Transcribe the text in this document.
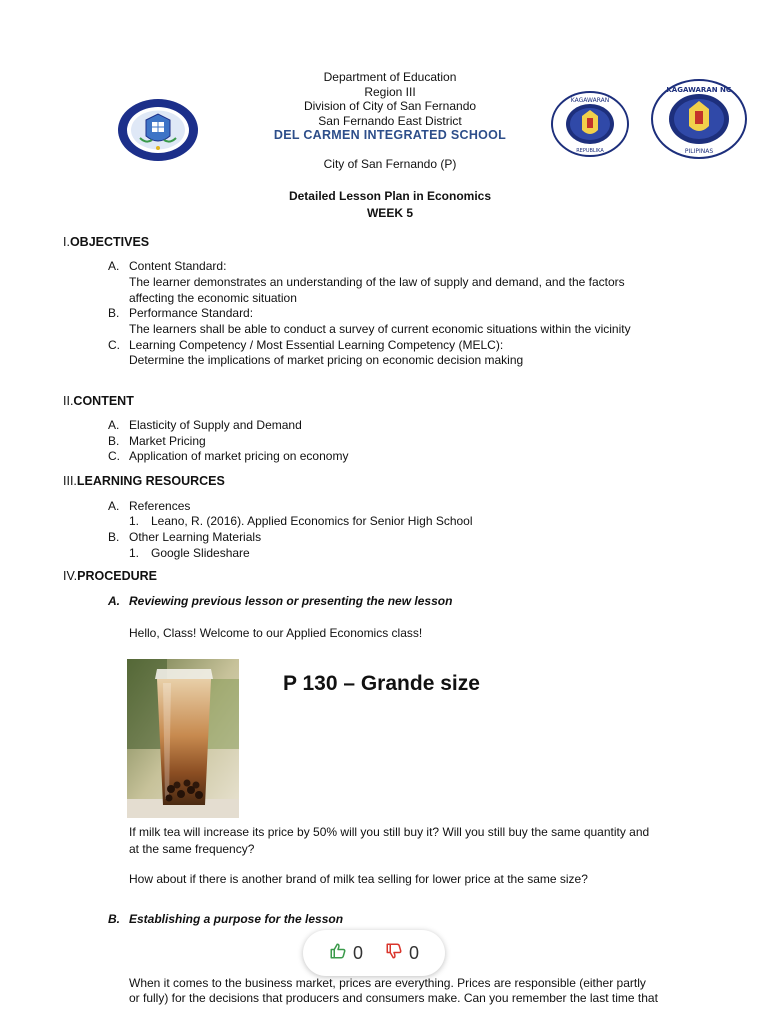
Department of Education
Region III
Division of City of San Fernando
San Fernando East District
DEL CARMEN INTEGRATED SCHOOL
City of San Fernando (P)
Detailed Lesson Plan in Economics
WEEK 5
KAGAWARAN
REPUBLIKA
KAGAWARAN NG
PILIPINAS
I.OBJECTIVES
A. Content Standard:
The learner demonstrates an understanding of the law of supply and demand, and the factors
affecting the economic situation
B. Performance Standard:
The learners shall be able to conduct a survey of current economic situations within the vicinity
C. Learning Competency / Most Essential Learning Competency (MELC):
Determine the implications of market pricing on economic decision making
II.CONTENT
A. Elasticity of Supply and Demand
B. Market Pricing
C. Application of market pricing on economy
III.LEARNING RESOURCES
A. References
1. Leano, R. (2016). Applied Economics for Senior High School
B. Other Learning Materials
1. Google Slideshare
IV.PROCEDURE
A. Reviewing previous lesson or presenting the new lesson
Hello, Class! Welcome to our Applied Economics class!
P 130 – Grande size
If milk tea will increase its price by 50% will you still buy it? Will you still buy the same quantity and
at the same frequency?
How about if there is another brand of milk tea selling for lower price at the same size?
B. Establishing a purpose for the lesson
When it comes to the business market, prices are everything. Prices are responsible (either partly
or fully) for the decisions that producers and consumers make. Can you remember the last time that
0	0
